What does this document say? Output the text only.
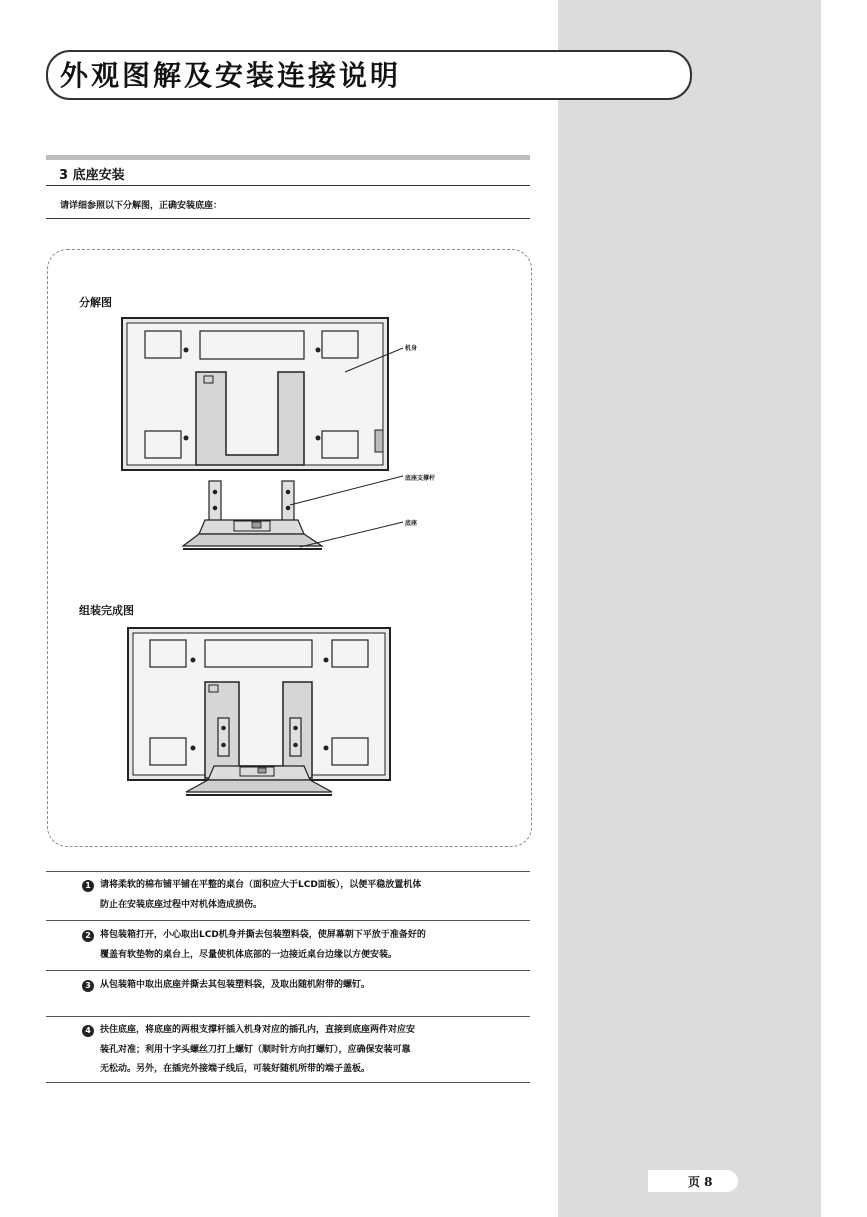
外观图解及安装连接说明
3 底座安装
请详细参照以下分解图，正确安装底座：
分解图
组装完成图
机身
底座支撑杆
底座
1 请将柔软的棉布铺平铺在平整的桌台（面积应大于LCD面板），以便平稳放置机体
防止在安装底座过程中对机体造成损伤。
2 将包装箱打开，小心取出LCD机身并撕去包装塑料袋，使屏幕朝下平放于准备好的
覆盖有软垫物的桌台上，尽量使机体底部的一边接近桌台边缘以方便安装。
3 从包装箱中取出底座并撕去其包装塑料袋，及取出随机附带的螺钉。
4 扶住底座，将底座的两根支撑杆插入机身对应的插孔内，直接到底座两件对应安
装孔对准；利用十字头螺丝刀打上螺钉（顺时针方向打螺钉），应确保安装可靠
无松动。另外，在插完外接端子线后，可装好随机所带的端子盖板。
页 8
